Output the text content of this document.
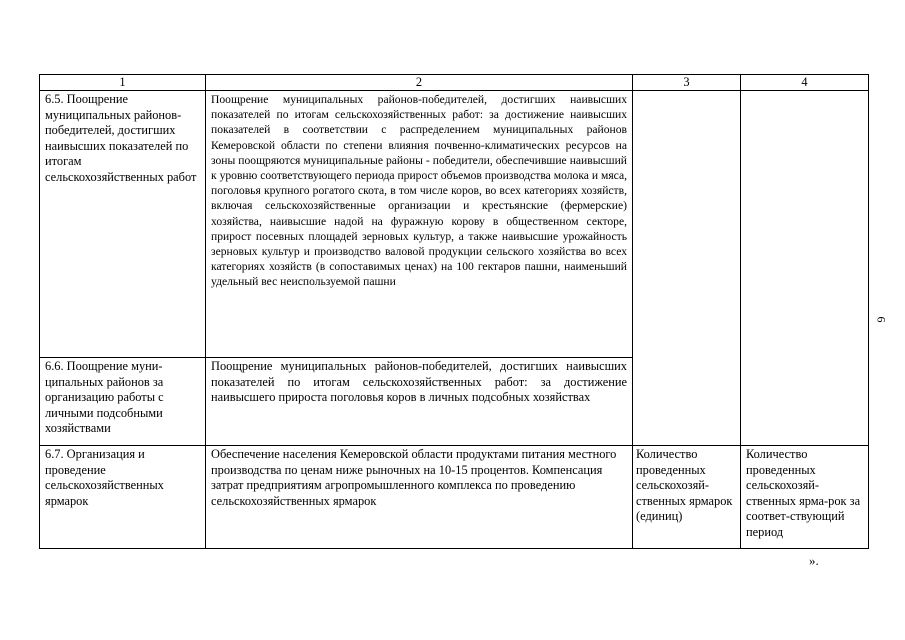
1	2	3	4
6.5. Поощрение муниципальных районов- победителей, достигших наивысших показателей по итогам сельскохозяйственных работ	Поощрение муниципальных районов-победителей, достигших наивысших показателей по итогам сельскохозяйственных работ: за достижение наивысших показателей в соответствии с распределением муниципальных районов Кемеровской области по степени влияния почвенно-климатических ресурсов на зоны поощряются муниципальные районы - победители, обеспечившие наивысший к уровню соответствующего периода прирост объемов производства молока и мяса, поголовья крупного рогатого скота, в том числе коров, во всех категориях хозяйств, включая сельскохозяйственные организации и крестьянские (фермерские) хозяйства, наивысшие надой на фуражную корову в общественном секторе, прирост посевных площадей зерновых культур, а также наивысшие урожайность зерновых культур и производство валовой продукции сельского хозяйства во всех категориях хозяйств (в сопоставимых ценах) на 100 гектаров пашни, наименьший удельный вес неиспользуемой пашни		
6.6. Поощрение муни-ципальных районов за организацию работы с личными подсобными хозяйствами	Поощрение муниципальных районов-победителей, достигших наивысших показателей по итогам сельскохозяйственных работ: за достижение наивысшего прироста поголовья коров в личных подсобных хозяйствах		
6.7. Организация и проведение сельскохозяйственных ярмарок	Обеспечение населения Кемеровской области продуктами питания местного производства по ценам ниже рыночных на 10-15 процентов. Компенсация затрат предприятиям агропромышленного комплекса по проведению сельскохозяйственных ярмарок	Количество проведенных сельскохозяй-ственных ярмарок (единиц)	Количество проведенных сельскохозяй-ственных ярма-рок за соответ-ствующий период
».
6
